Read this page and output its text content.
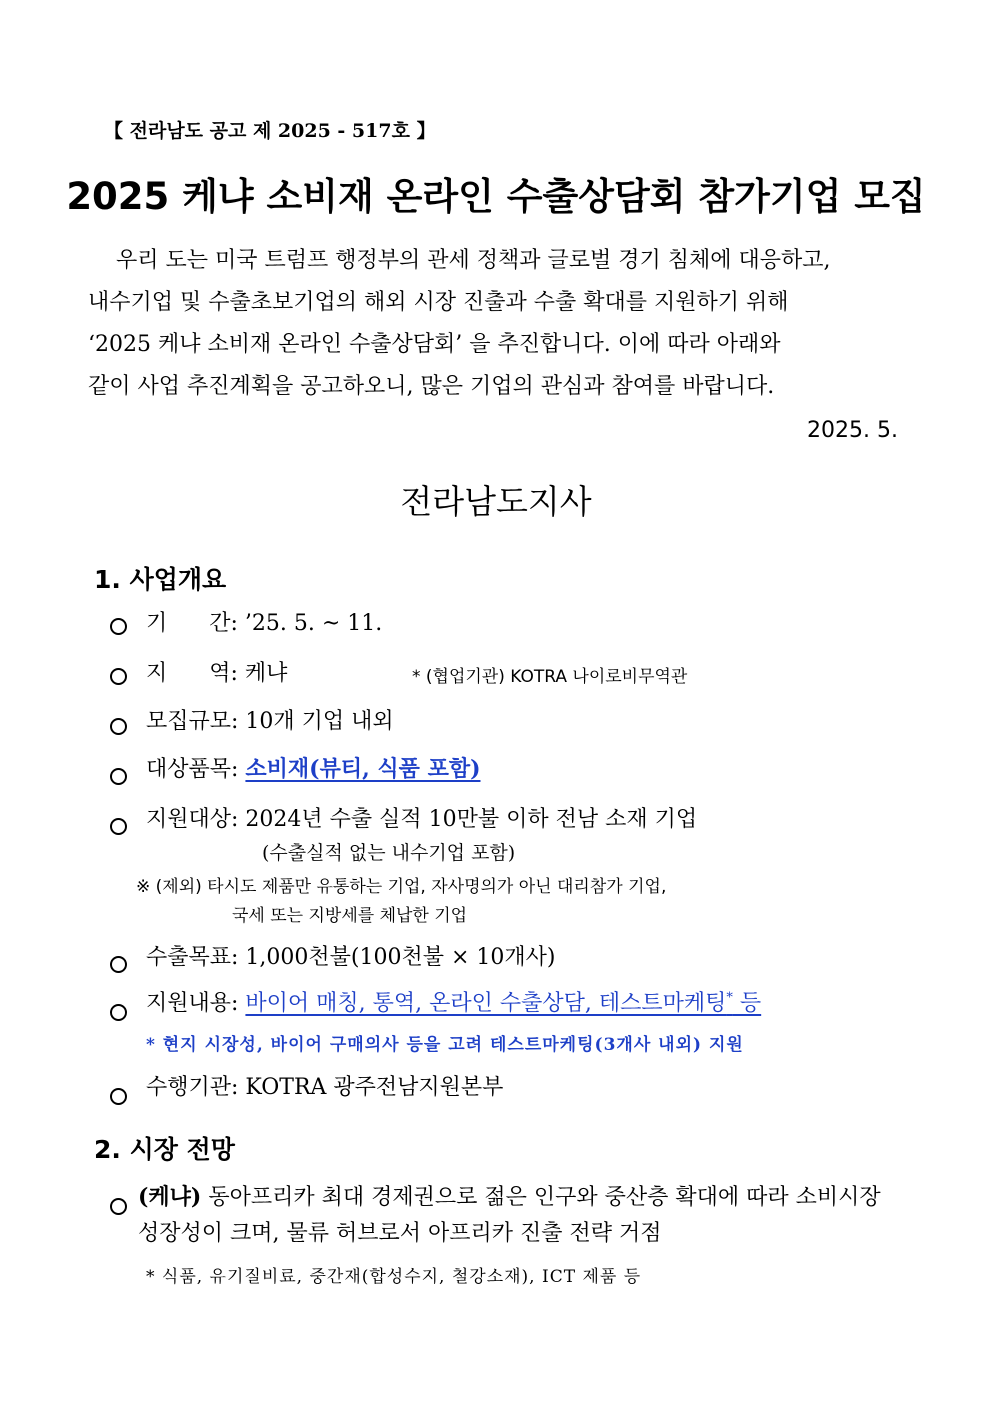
【 전라남도 공고 제 2025 - 517호 】
2025 케냐 소비재 온라인 수출상담회 참가기업 모집
우리 도는 미국 트럼프 행정부의 관세 정책과 글로벌 경기 침체에 대응하고,
내수기업 및 수출초보기업의 해외 시장 진출과 수출 확대를 지원하기 위해
‘2025 케냐 소비재 온라인 수출상담회’ 을 추진합니다. 이에 따라 아래와
같이 사업 추진계획을 공고하오니, 많은 기업의 관심과 참여를 바랍니다.
2025. 5.
전라남도지사
1. 사업개요
기      간: ’25. 5. ~ 11.
지      역: 케냐	* (협업기관) KOTRA 나이로비무역관
모집규모: 10개 기업 내외
대상품목: 소비재(뷰티, 식품 포함)
지원대상: 2024년 수출 실적 10만불 이하 전남 소재 기업
(수출실적 없는 내수기업 포함)
※ (제외) 타시도 제품만 유통하는 기업, 자사명의가 아닌 대리참가 기업,
국세 또는 지방세를 체납한 기업
수출목표: 1,000천불(100천불 × 10개사)
지원내용: 바이어 매칭, 통역, 온라인 수출상담, 테스트마케팅* 등
* 현지 시장성, 바이어 구매의사 등을 고려 테스트마케팅(3개사 내외) 지원
수행기관: KOTRA 광주전남지원본부
2. 시장 전망
(케냐) 동아프리카 최대 경제권으로 젊은 인구와 중산층 확대에 따라 소비시장
성장성이 크며, 물류 허브로서 아프리카 진출 전략 거점
* 식품, 유기질비료, 중간재(합성수지, 철강소재), ICT 제품 등
